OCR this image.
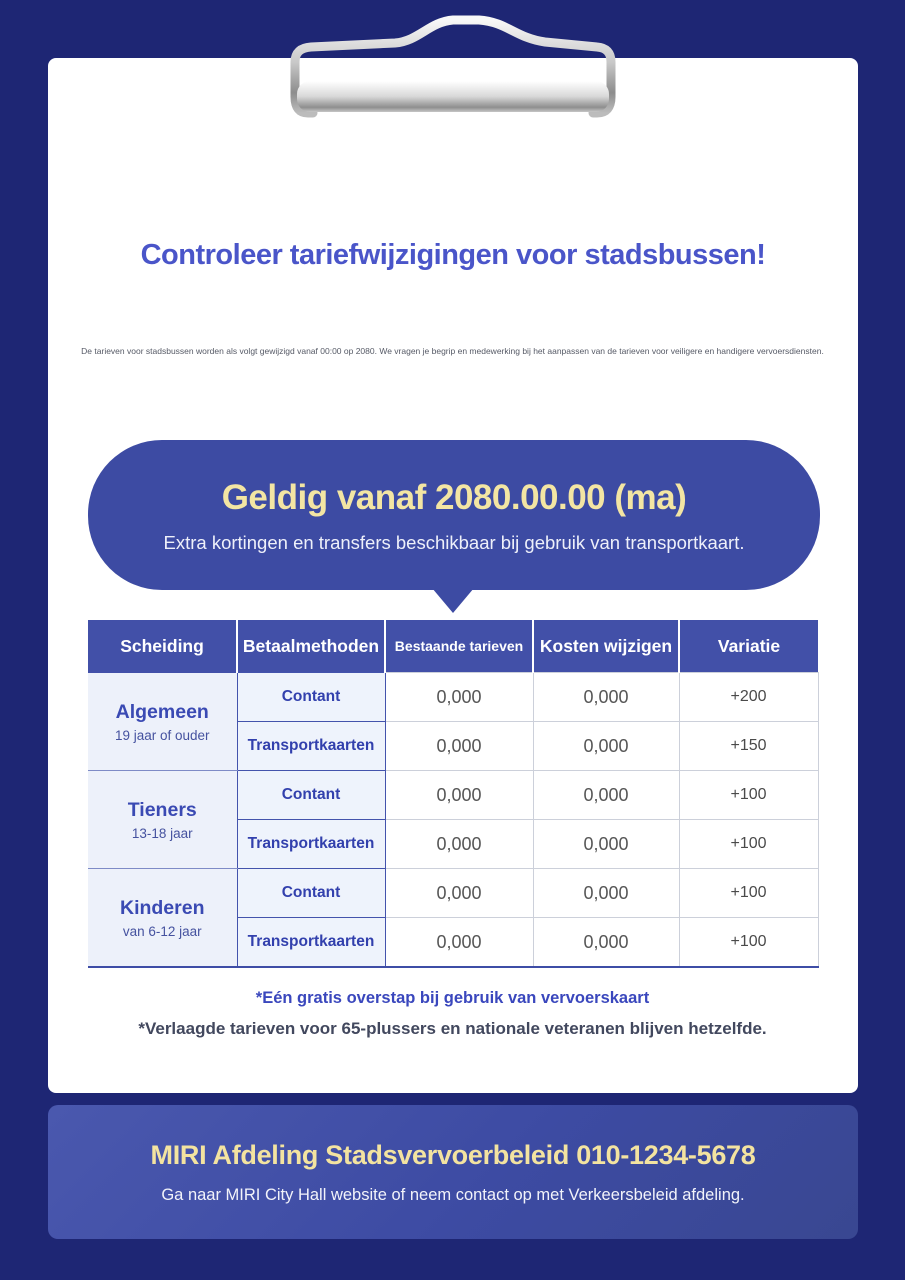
Controleer tariefwijzigingen voor stadsbussen!
De tarieven voor stadsbussen worden als volgt gewijzigd vanaf 00:00 op 2080. We vragen je begrip en medewerking bij het aanpassen van de tarieven voor veiligere en handigere vervoersdiensten.
Geldig vanaf 2080.00.00 (ma)
Extra kortingen en transfers beschikbaar bij gebruik van transportkaart.
Scheiding	Betaalmethoden	Bestaande tarieven	Kosten wijzigen	Variatie

Algemeen
19 jaar of ouder	Contant	0,000	0,000	+200
	Transportkaarten	0,000	0,000	+150

Tieners
13-18 jaar	Contant	0,000	0,000	+100
	Transportkaarten	0,000	0,000	+100

Kinderen
van 6-12 jaar	Contant	0,000	0,000	+100
	Transportkaarten	0,000	0,000	+100
*Eén gratis overstap bij gebruik van vervoerskaart
*Verlaagde tarieven voor 65-plussers en nationale veteranen blijven hetzelfde.
MIRI Afdeling Stadsvervoerbeleid 010-1234-5678
Ga naar MIRI City Hall website of neem contact op met Verkeersbeleid afdeling.
